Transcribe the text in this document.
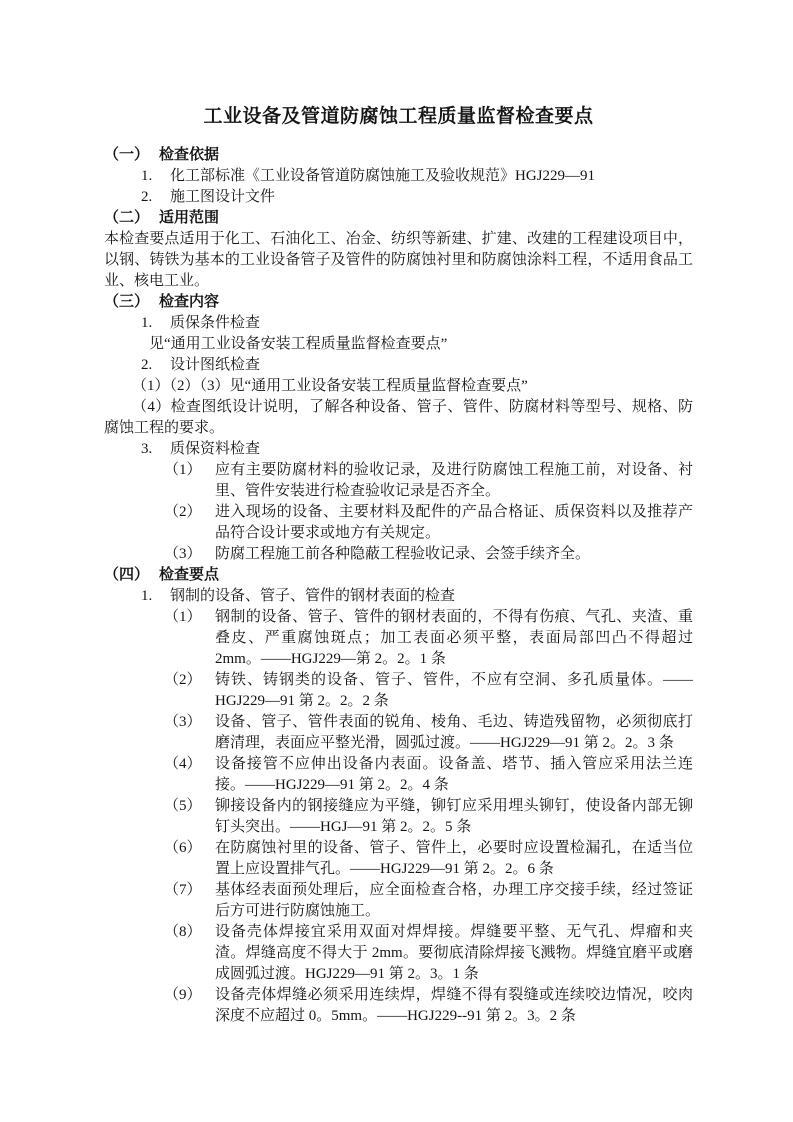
工业设备及管道防腐蚀工程质量监督检查要点
（一） 检查依据
1.	化工部标准《工业设备管道防腐蚀施工及验收规范》HGJ229—91
2.	施工图设计文件
（二） 适用范围

本检查要点适用于化工、石油化工、冶金、纺织等新建、扩建、改建的工程建设项目中，以钢、铸铁为基本的工业设备管子及管件的防腐蚀衬里和防腐蚀涂料工程，不适用食品工业、核电工业。

（三） 检查内容
1.	质保条件检查

见“通用工业设备安装工程质量监督检查要点”

2.	设计图纸检查

（1）（2）（3）见“通用工业设备安装工程质量监督检查要点”

（4）检查图纸设计说明，了解各种设备、管子、管件、防腐材料等型号、规格、防腐蚀工程的要求。

3.	质保资料检查
（1） 应有主要防腐材料的验收记录，及进行防腐蚀工程施工前，对设备、衬里、管件安装进行检查验收记录是否齐全。
（2） 进入现场的设备、主要材料及配件的产品合格证、质保资料以及推荐产品符合设计要求或地方有关规定。
（3） 防腐工程施工前各种隐蔽工程验收记录、会签手续齐全。
（四） 检查要点
1.	钢制的设备、管子、管件的钢材表面的检查
（1） 钢制的设备、管子、管件的钢材表面的，不得有伤痕、气孔、夹渣、重叠皮、严重腐蚀斑点；加工表面必须平整，表面局部凹凸不得超过 2mm。——HGJ229—第 2。2。1 条
（2） 铸铁、铸钢类的设备、管子、管件，不应有空洞、多孔质量体。——HGJ229—91 第 2。2。2 条
（3） 设备、管子、管件表面的锐角、棱角、毛边、铸造残留物，必须彻底打磨清理，表面应平整光滑，圆弧过渡。——HGJ229—91 第 2。2。3 条
（4） 设备接管不应伸出设备内表面。设备盖、塔节、插入管应采用法兰连接。——HGJ229—91 第 2。2。4 条
（5） 铆接设备内的钢接缝应为平缝，铆钉应采用埋头铆钉，使设备内部无铆钉头突出。——HGJ—91 第 2。2。5 条
（6） 在防腐蚀衬里的设备、管子、管件上，必要时应设置检漏孔，在适当位置上应设置排气孔。——HGJ229—91 第 2。2。6 条
（7） 基体经表面预处理后，应全面检查合格，办理工序交接手续，经过签证后方可进行防腐蚀施工。
（8） 设备壳体焊接宜采用双面对焊焊接。焊缝要平整、无气孔、焊瘤和夹渣。焊缝高度不得大于 2mm。要彻底清除焊接飞溅物。焊缝宜磨平或磨成圆弧过渡。HGJ229—91 第 2。3。1 条
（9） 设备壳体焊缝必须采用连续焊，焊缝不得有裂缝或连续咬边情况，咬肉深度不应超过 0。5mm。——HGJ229--91 第 2。3。2 条
